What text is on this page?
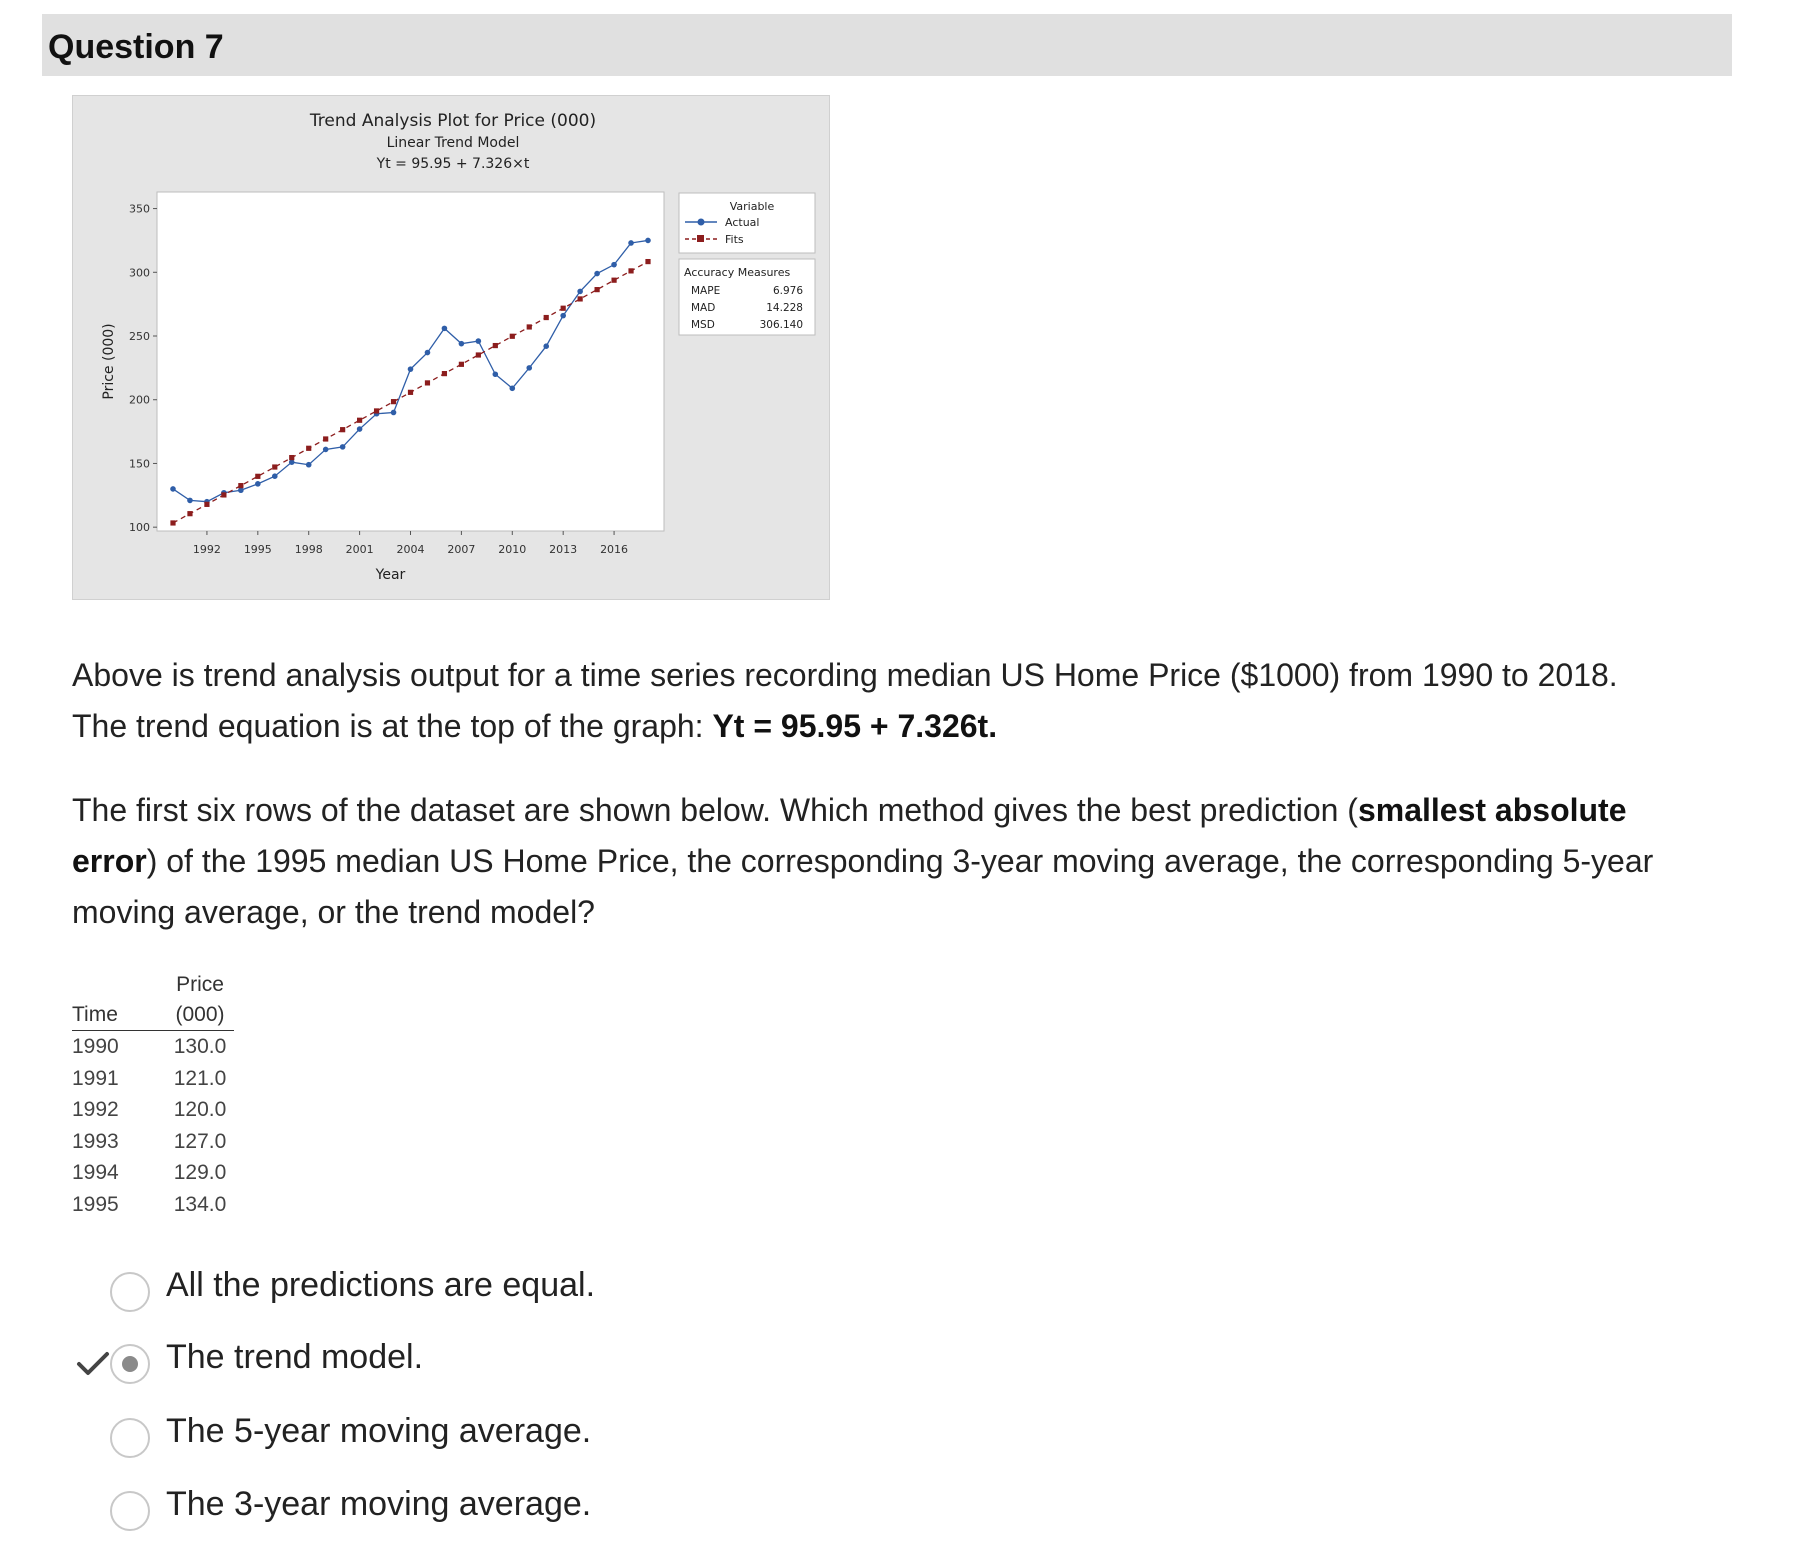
Question 7
Trend Analysis Plot for Price (000)
Linear Trend Model
Yt = 95.95 + 7.326×t
100
150
200
250
300
350
1992 1995 1998 2001 2004 2007 2010 2013 2016
Year
Price (000)
Variable
Actual
Fits
Accuracy Measures
MAPE	6.976
MAD	14.228
MSD	306.140

Above is trend analysis output for a time series recording median US Home Price ($1000) from 1990 to 2018. The trend equation is at the top of the graph: Yt = 95.95 + 7.326t.

The first six rows of the dataset are shown below. Which method gives the best prediction (smallest absolute error) of the 1995 median US Home Price, the corresponding 3-year moving average, the corresponding 5-year moving average, or the trend model?

	Price
Time	(000)
1990	130.0
1991	121.0
1992	120.0
1993	127.0
1994	129.0
1995	134.0
All the predictions are equal.
The trend model.
The 5-year moving average.
The 3-year moving average.
